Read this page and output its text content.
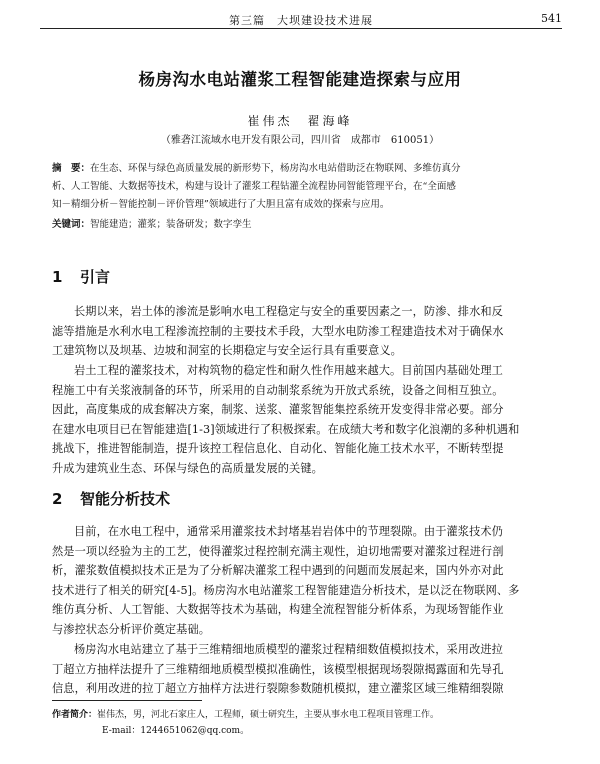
第三篇　大坝建设技术进展	541
杨房沟水电站灌浆工程智能建造探索与应用
崔伟杰　翟海峰
（雅砻江流域水电开发有限公司，四川省　成都市　610051）
摘　要：在生态、环保与绿色高质量发展的新形势下，杨房沟水电站借助泛在物联网、多维仿真分
析、人工智能、大数据等技术，构建与设计了灌浆工程钻灌全流程协同智能管理平台，在“全面感
知－精细分析－智能控制－评价管理”领域进行了大胆且富有成效的探索与应用。
关键词：智能建造；灌浆；装备研发；数字孪生
1 引言
长期以来，岩土体的渗流是影响水电工程稳定与安全的重要因素之一，防渗、排水和反
滤等措施是水利水电工程渗流控制的主要技术手段，大型水电防渗工程建造技术对于确保水
工建筑物以及坝基、边坡和洞室的长期稳定与安全运行具有重要意义。
岩土工程的灌浆技术，对构筑物的稳定性和耐久性作用越来越大。目前国内基础处理工
程施工中有关浆液制备的环节，所采用的自动制浆系统为开放式系统，设备之间相互独立。
因此，高度集成的成套解决方案，制浆、送浆、灌浆智能集控系统开发变得非常必要。部分
在建水电项目已在智能建造[1-3]领域进行了积极探索。在成绩大考和数字化浪潮的多种机遇和
挑战下，推进智能制造，提升该控工程信息化、自动化、智能化施工技术水平，不断转型提
升成为建筑业生态、环保与绿色的高质量发展的关键。
2 智能分析技术
目前，在水电工程中，通常采用灌浆技术封堵基岩岩体中的节理裂隙。由于灌浆技术仍
然是一项以经验为主的工艺，使得灌浆过程控制充满主观性，迫切地需要对灌浆过程进行剖
析，灌浆数值模拟技术正是为了分析解决灌浆工程中遇到的问题而发展起来，国内外亦对此
技术进行了相关的研究[4-5]。杨房沟水电站灌浆工程智能建造分析技术，是以泛在物联网、多
维仿真分析、人工智能、大数据等技术为基础，构建全流程智能分析体系，为现场智能作业
与渗控状态分析评价奠定基础。
杨房沟水电站建立了基于三维精细地质模型的灌浆过程精细数值模拟技术，采用改进拉
丁超立方抽样法提升了三维精细地质模型模拟准确性，该模型根据现场裂隙揭露面和先导孔
信息，利用改进的拉丁超立方抽样方法进行裂隙参数随机模拟，建立灌浆区域三维精细裂隙
作者简介：崔伟杰，男，河北石家庄人，工程师，硕士研究生，主要从事水电工程项目管理工作。
E-mail：1244651062@qq.com。
